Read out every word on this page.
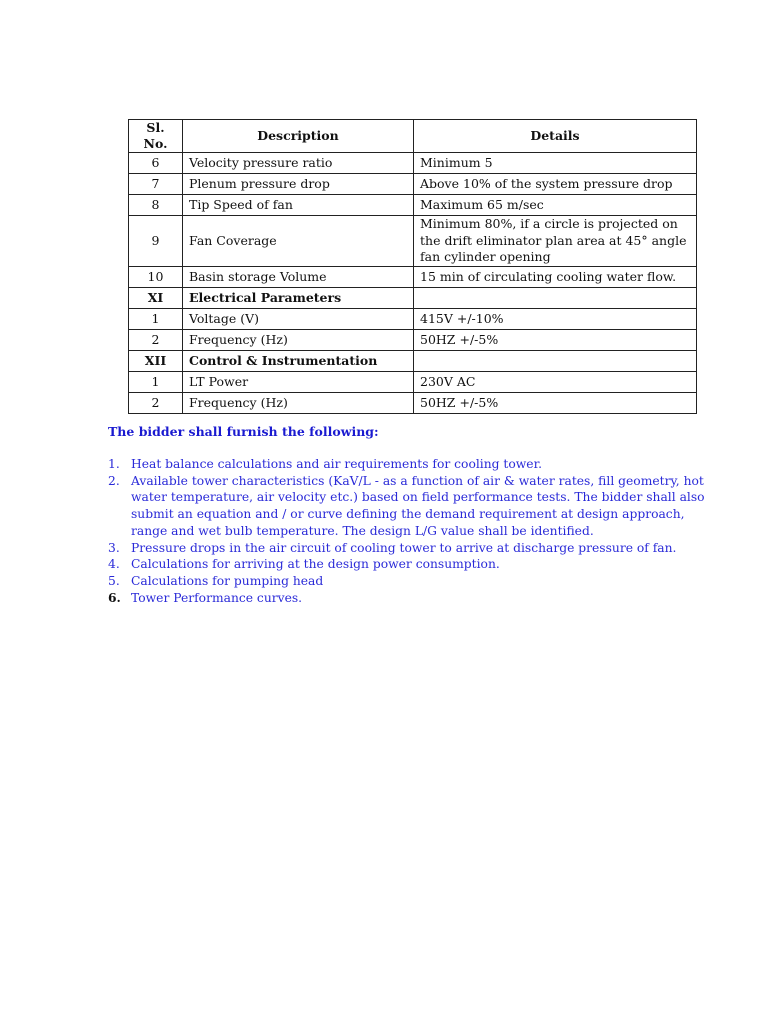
Sl. No.	Description	Details
6	Velocity pressure ratio	Minimum 5
7	Plenum pressure drop	Above 10% of the system pressure drop
8	Tip Speed of fan	Maximum 65 m/sec
9	Fan Coverage	Minimum 80%, if a circle is projected on the drift eliminator plan area at 45° angle fan cylinder opening
10	Basin storage Volume	15 min of circulating cooling water flow.
XI	Electrical Parameters	
1	Voltage (V)	415V +/-10%
2	Frequency (Hz)	50HZ +/-5%
XII	Control & Instrumentation	
1	LT Power	230V AC
2	Frequency (Hz)	50HZ +/-5%
The bidder shall furnish the following:
1. Heat balance calculations and air requirements for cooling tower.
2. Available tower characteristics (KaV/L - as a function of air & water rates, fill geometry, hot water temperature, air velocity etc.) based on field performance tests. The bidder shall also submit an equation and / or curve defining the demand requirement at design approach, range and wet bulb temperature. The design L/G value shall be identified.
3. Pressure drops in the air circuit of cooling tower to arrive at discharge pressure of fan.
4. Calculations for arriving at the design power consumption.
5. Calculations for pumping head
6. Tower Performance curves.
